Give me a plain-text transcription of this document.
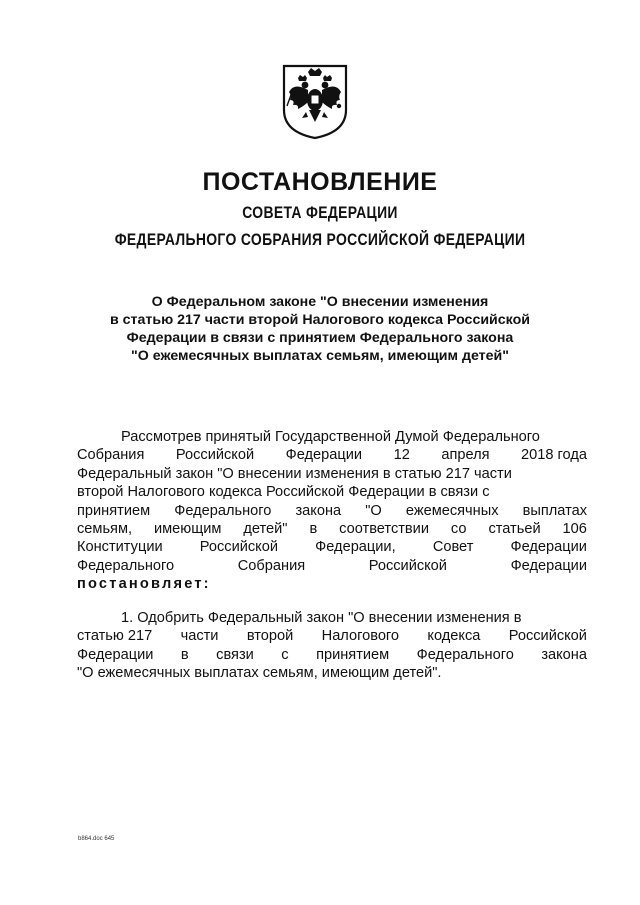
ПОСТАНОВЛЕНИЕ
СОВЕТА ФЕДЕРАЦИИ
ФЕДЕРАЛЬНОГО СОБРАНИЯ РОССИЙСКОЙ ФЕДЕРАЦИИ
О Федеральном законе "О внесении изменения
в статью 217 части второй Налогового кодекса Российской
Федерации в связи с принятием Федерального закона
"О ежемесячных выплатах семьям, имеющим детей"
Рассмотрев принятый Государственной Думой Федерального
Собрания Российской Федерации 12 апреля 2018 года
Федеральный закон "О внесении изменения в статью 217 части
второй Налогового кодекса Российской Федерации в связи с
принятием Федерального закона "О ежемесячных выплатах
семьям, имеющим детей" в соответствии со статьей 106
Конституции	Российской	Федерации,	Совет	Федерации
Федерального	Собрания	Российской	Федерации
постановляет:
1. Одобрить Федеральный закон "О внесении изменения в
статью 217 части второй Налогового кодекса Российской
Федерации в связи с принятием Федерального закона
"О ежемесячных выплатах семьям, имеющим детей".
b864.doc 645
